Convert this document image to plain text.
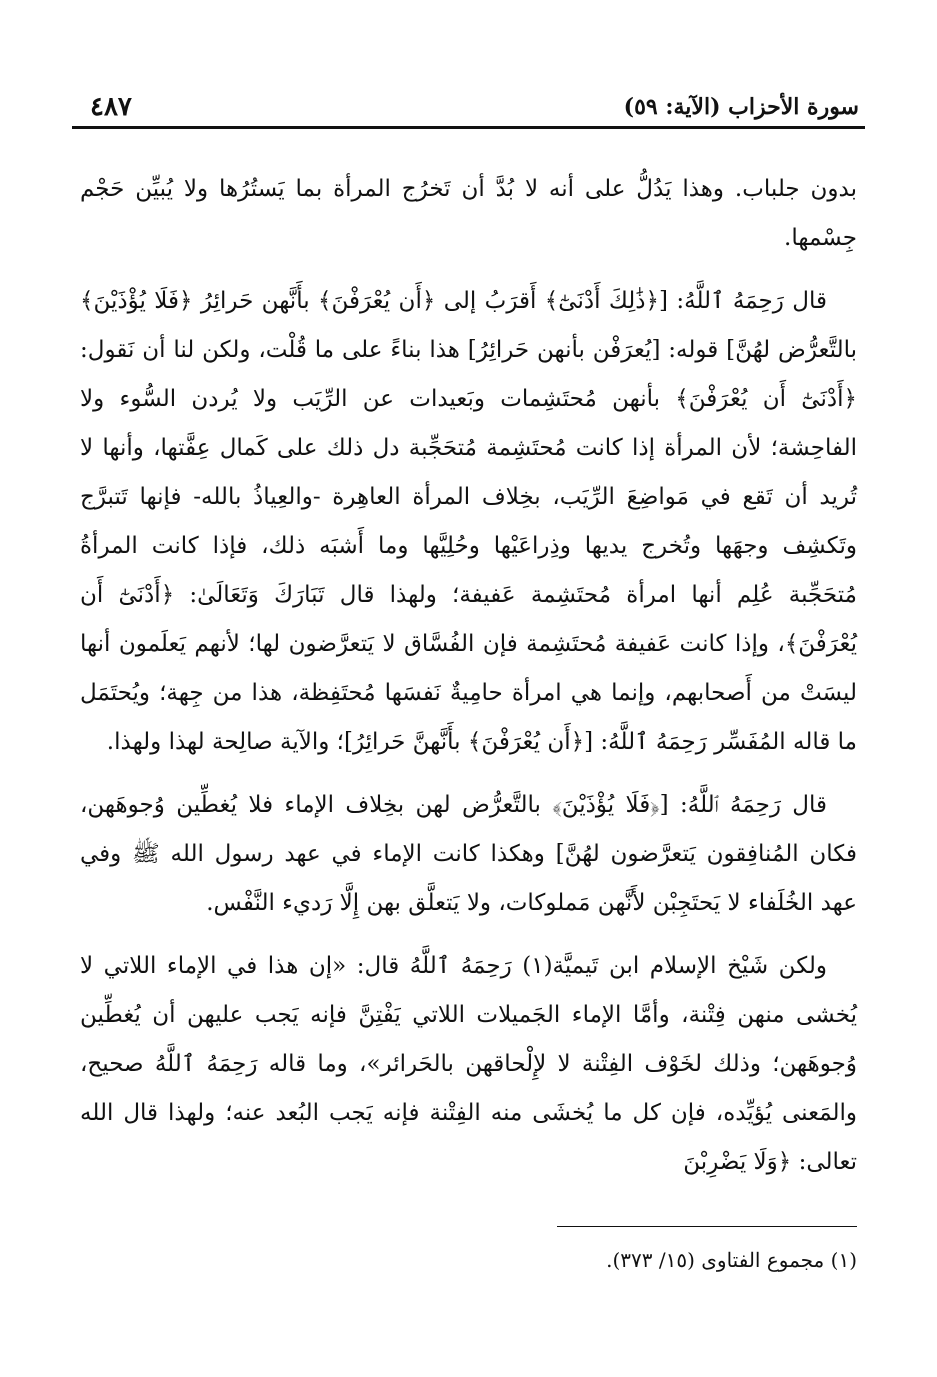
سورة الأحزاب (الآية: ٥٩)
٤٨٧

بدون جلباب. وهذا يَدُلُّ على أنه لا بُدَّ أن تَخرُج المرأة بما يَستُرُها ولا يُبيِّن حَجْم جِسْمها.

قال رَحِمَهُ ٱللَّهُ: [﴿ذَٰلِكَ أَدْنَىٰٓ﴾ أَقرَبُ إلى ﴿أَن يُعْرَفْنَ﴾ بأَنَّهن حَرائِرُ ﴿فَلَا يُؤْذَيْنَ﴾ بالتَّعرُّض لهُنَّ] قوله: [يُعرَفْن بأنهن حَرائِرُ] هذا بناءً على ما قُلْت، ولكن لنا أن نَقول: ﴿أَدْنَىٰٓ أَن يُعْرَفْنَ﴾ بأنهن مُحتَشِمات وبَعيدات عن الرِّيَب ولا يُردن السُّوء ولا الفاحِشة؛ لأن المرأة إذا كانت مُحتَشِمة مُتحَجِّبة دل ذلك على كَمال عِفَّتها، وأنها لا تُريد أن تَقع في مَواضِعَ الرِّيَب، بخِلاف المرأة العاهِرة -والعِياذُ بالله- فإنها تَتبرَّج وتَكشِف وجهَها وتُخرج يديها وذِراعَيْها وحُلِيَّها وما أَشبَه ذلك، فإذا كانت المرأةُ مُتحَجِّبة عُلِم أنها امرأة مُحتَشِمة عَفيفة؛ ولهذا قال تَبَارَكَ وَتَعَالَىٰ: ﴿أَدْنَىٰٓ أَن يُعْرَفْنَ﴾، وإذا كانت عَفيفة مُحتَشِمة فإن الفُسَّاق لا يَتعرَّضون لها؛ لأنهم يَعلَمون أنها ليسَتْ من أَصحابهم، وإنما هي امرأة حامِيةٌ نَفسَها مُحتَفِظة، هذا من جِهة؛ ويُحتَمَل ما قاله المُفَسِّر رَحِمَهُ ٱللَّهُ: [﴿أَن يُعْرَفْنَ﴾ بأَنَّهنَّ حَرائِرُ]؛ والآية صالِحة لهذا ولهذا.

قال رَحِمَهُ ٱللَّهُ: [﴿فَلَا يُؤْذَيْنَ﴾ بالتَّعرُّض لهن بخِلاف الإماء فلا يُغطِّين وُجوهَهن، فكان المُنافِقون يَتعرَّضون لهُنَّ] وهكذا كانت الإماء في عهد رسول الله ﷺ وفي عهد الخُلَفاء لا يَحتَجِبْن لأَنَّهن مَملوكات، ولا يَتعلَّق بهن إِلَّا رَديء النَّفْس.

ولكن شَيْخ الإسلام ابن تَيميَّة(١) رَحِمَهُ ٱللَّهُ قال: «إن هذا في الإماء اللاتي لا يُخشى منهن فِتْنة، وأمَّا الإماء الجَميلات اللاتي يَفْتِنَّ فإنه يَجب عليهن أن يُغطِّين وُجوهَهن؛ وذلك لخَوْف الفِتْنة لا لإِلْحاقهن بالحَرائر»، وما قاله رَحِمَهُ ٱللَّهُ صحيح، والمَعنى يُؤيِّده، فإن كل ما يُخشَى منه الفِتْنة فإنه يَجب البُعد عنه؛ ولهذا قال الله تعالى: ﴿وَلَا يَضْرِبْنَ

(١) مجموع الفتاوى (١٥/ ٣٧٣).
